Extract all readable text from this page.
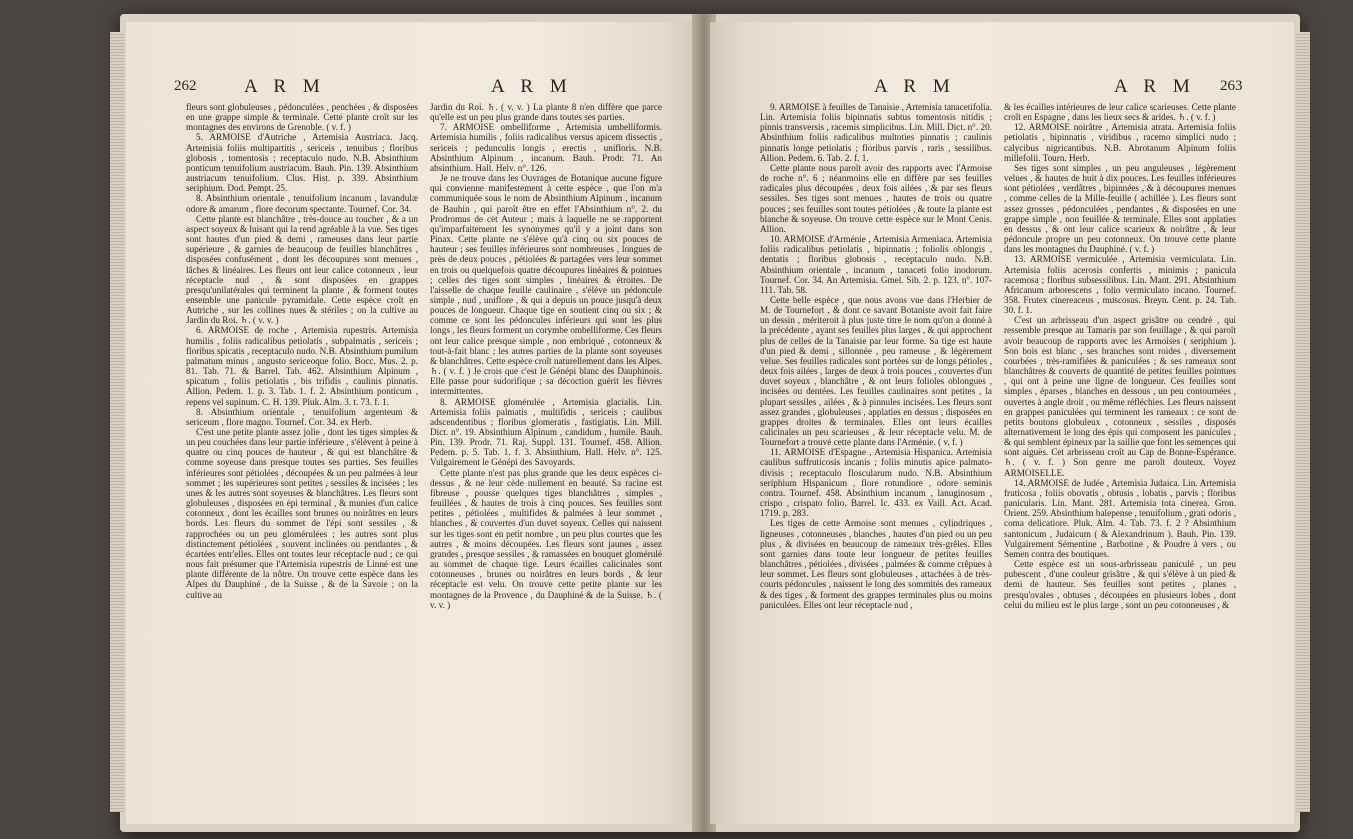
262	A R M	A R M

fleurs sont globuleuses , pédonculées , penchées , & disposées en une grappe simple & terminale. Cette plante croît sur les montagnes des environs de Grenoble. ( v. f. )

5. ARMOISE d'Autriche , Artemisia Austriaca. Jacq. Artemisia foliis multipartitis , sericeis , tenuibus ; floribus globosis , tomentosis ; receptaculo nudo. N.B. Absinthium ponticum tenuifolium austriacum. Bauh. Pin. 139. Absinthium austriacum tenuifolium. Clus. Hist. p. 339. Absinthium seriphium. Dod. Pempt. 25.

8. Absinthium orientale , tenuifolium incanum , lavandulæ odore & amarum , flore decorum spectante. Tournef. Cor. 34.

Cette plante est blanchâtre , très-douce au toucher , & a un aspect soyeux & luisant qui la rend agréable à la vue. Ses tiges sont hautes d'un pied & demi , rameuses dans leur partie supérieure , & garnies de beaucoup de feuilles blanchâtres , disposées confusément , dont les découpures sont menues , lâches & linéaires. Les fleurs ont leur calice cotonneux , leur réceptacle nud , & sont disposées en grappes presqu'unilatérales qui terminent la plante , & forment toutes ensemble une panicule pyramidale. Cette espèce croît en Autriche , sur les collines nues & stériles ; on la cultive au Jardin du Roi. ♄. ( v. v. )

6. ARMOISE de roche , Artemisia rupestris. Artemisia humilis , foliis radicalibus petiolatis , subpalmatis , sericeis ; floribus spicatis , receptaculo nudo. N.B. Absinthium pumilum palmatum minus , angusto sericeoque folio. Bocc. Mus. 2. p. 81. Tab. 71. & Barrel. Tab. 462. Absinthium Alpinum , spicatum , foliis petiolatis , bis trifidis , caulinis pinnatis. Allion. Pedem. 1. p. 3. Tab. 1. f. 2. Absinthium ponticum , repens vel supinum. C. H. 139. Pluk. Alm. 3. t. 73. f. 1.

8. Absinthium orientale , tenuifolium argenteum & sericeum , flore magno. Tournef. Cor. 34. ex Herb.

C'est une petite plante assez jolie , dont les tiges simples & un peu couchées dans leur partie inférieure , s'élèvent à peine à quatre ou cinq pouces de hauteur , & qui est blanchâtre & comme soyeuse dans presque toutes ses parties. Ses feuilles inférieures sont pétiolées , découpées & un peu palmées à leur sommet ; les supérieures sont petites , sessiles & incisées ; les unes & les autres sont soyeuses & blanchâtres. Les fleurs sont globuleuses , disposées en épi terminal , & munies d'un calice cotonneux , dont les écailles sont brunes ou noirâtres en leurs bords. Les fleurs du sommet de l'épi sont sessiles , & rapprochées ou un peu glomérulées ; les autres sont plus distinctement pétiolées , souvent inclinées ou pendantes , & écartées entr'elles. Elles ont toutes leur réceptacle nud ; ce qui nous fait présumer que l'Artemisia rupestris de Linné est une plante différente de la nôtre. On trouve cette espèce dans les Alpes du Dauphiné , de la Suisse , & de la Savoie ; on la cultive au

Jardin du Roi. ♄. ( v. v. ) La plante 8 n'en diffère que parce qu'elle est un peu plus grande dans toutes ses parties.

7. ARMOISE ombelliforme , Artemisia umbelliformis. Artemisia humilis , foliis radicalibus versus apicem dissectis , sericeis ; pedunculis longis , erectis , unifloris. N.B. Absinthium Alpinum , incanum. Bauh. Prodr. 71. An absinthium. Hall. Helv. n°. 126.

Je ne trouve dans les Ouvrages de Botanique aucune figure qui convienne manifestement à cette espèce , que l'on m'a communiquée sous le nom de Absinthium Alpinum , incanum de Bauhin , qui paroît être en effet l'Absinthium n°. 2. du Prodromus de cet Auteur ; mais à laquelle ne se rapportent qu'imparfaitement les synonymes qu'il y a joint dans son Pinax. Cette plante ne s'élève qu'à cinq ou six pouces de hauteur ; ses feuilles inférieures sont nombreuses , longues de près de deux pouces , pétiolées & partagées vers leur sommet en trois ou quelquefois quatre découpures linéaires & pointues ; celles des tiges sont simples , linéaires & étroites. De l'aisselle de chaque feuille caulinaire , s'élève un pédoncule simple , nud , uniflore , & qui a depuis un pouce jusqu'à deux pouces de longueur. Chaque tige en soutient cinq ou six ; & comme ce sont les pédoncules inférieurs qui sont les plus longs , les fleurs forment un corymbe ombelliforme. Ces fleurs ont leur calice presque simple , non embriqué , cotonneux & tout-à-fait blanc ; les autres parties de la plante sont soyeuses & blanchâtres. Cette espèce croît naturellement dans les Alpes. ♄. ( v. f. ) Je crois que c'est le Génépi blanc des Dauphinois. Elle passe pour sudorifique ; sa décoction guérit les fièvres intermittentes.

8. ARMOISE glomérulée , Artemisia glacialis. Lin. Artemisia foliis palmatis , multifidis , sericeis ; caulibus adscendentibus ; floribus glomeratis , fastigiatis. Lin. Mill. Dict. n°. 19. Absinthium Alpinum , candidum , humile. Bauh. Pin. 139. Prodr. 71. Raj. Suppl. 131. Tournef. 458. Allion. Pedem. p. 5. Tab. 1. f. 3. Absinthium. Hall. Helv. n°. 125. Vulgairement le Génépi des Savoyards.

Cette plante n'est pas plus grande que les deux espèces ci-dessus , & ne leur cède nullement en beauté. Sa racine est fibreuse , pousse quelques tiges blanchâtres , simples , feuillées , & hautes de trois à cinq pouces. Ses feuilles sont petites , pétiolées , multifides & palmées à leur sommet , blanches , & couvertes d'un duvet soyeux. Celles qui naissent sur les tiges sont en petit nombre , un peu plus courtes que les autres , & moins découpées. Les fleurs sont jaunes , assez grandes , presque sessiles , & ramassées en bouquet glomérulé au sommet de chaque tige. Leurs écailles calicinales sont cotonneuses , brunes ou noirâtres en leurs bords , & leur réceptacle est velu. On trouve cette petite plante sur les montagnes de la Provence , du Dauphiné & de la Suisse. ♄. ( v. v. )

A R M	A R M 263

9. ARMOISE à feuilles de Tanaisie , Artemisia tanacetifolia. Lin. Artemisia foliis bipinnatis subtus tomentosis nitidis ; pinnis transversis , racemis simplicibus. Lin. Mill. Dict. n°. 20. Absinthium foliis radicalibus multoties pinnatis ; caulinis pinnatis longe petiolatis ; floribus parvis , raris , sessilibus. Allion. Pedem. 6. Tab. 2. f. 1.

Cette plante nous paroît avoir des rapports avec l'Armoise de roche n°. 6 ; néanmoins elle en diffère par ses feuilles radicales plus découpées , deux fois ailées , & par ses fleurs sessiles. Ses tiges sont menues , hautes de trois ou quatre pouces ; ses feuilles sont toutes pétiolées , & toute la plante est blanche & soyeuse. On trouve cette espèce sur le Mont Cenis. Allion.

10. ARMOISE d'Arménie , Artemisia Armeniaca. Artemisia foliis radicalibus petiolatis , bipinnatis ; foliolis oblongis , dentatis ; floribus globosis , receptaculo nudo. N.B. Absinthium orientale , incanum , tanaceti folio inodorum. Tournef. Cor. 34. An Artemisia. Gmel. Sib. 2. p. 123. n°. 107-111. Tab. 58.

Cette belle espèce , que nous avons vue dans l'Herbier de M. de Tournefort , & dont ce savant Botaniste avoit fait faire un dessin , mériteroit à plus juste titre le nom qu'on a donné à la précédente , ayant ses feuilles plus larges , & qui approchent plus de celles de la Tanaisie par leur forme. Sa tige est haute d'un pied & demi , sillonnée , peu rameuse , & légèrement velue. Ses feuilles radicales sont portées sur de longs pétioles , deux fois ailées , larges de deux à trois pouces , couvertes d'un duvet soyeux , blanchâtre , & ont leurs folioles oblongues , incisées ou dentées. Les feuilles caulinaires sont petites , la plupart sessiles , ailées , & à pinnules incisées. Les fleurs sont assez grandes , globuleuses , applaties en dessus , disposées en grappes droites & terminales. Elles ont leurs écailles calicinales un peu scarieuses , & leur réceptacle velu. M. de Tournefort a trouvé cette plante dans l'Arménie. ( v. f. )

11. ARMOISE d'Espagne , Artemisia Hispanica. Artemisia caulibus suffruticosis incanis ; foliis minutis apice palmato-divisis ; receptaculo floscularum nudo. N.B. Absinthium seriphium Hispanicum , flore rotundiore , odore seminis contra. Tournef. 458. Absinthium incanum , lanuginosum , crispo , crispato folio. Barrel. Ic. 433. ex Vaill. Act. Acad. 1719. p. 283.

Les tiges de cette Armoise sont menues , cylindriques , ligneuses , cotonneuses , blanches , hautes d'un pied ou un peu plus , & divisées en beaucoup de rameaux très-grêles. Elles sont garnies dans toute leur longueur de petites feuilles blanchâtres , pétiolées , divisées , palmées & comme crêpues à leur sommet. Les fleurs sont globuleuses , attachées à de très-courts pédoncules , naissent le long des sommités des rameaux & des tiges , & forment des grappes terminales plus ou moins paniculées. Elles ont leur réceptacle nud ,

& les écailles intérieures de leur calice scarieuses. Cette plante croît en Espagne , dans les lieux secs & arides. ♄. ( v. f. )

12. ARMOISE noirâtre , Artemisia atrata. Artemisia foliis petiolatis , bipinnatis , viridibus , racemo simplici nudo ; calycibus nigricantibus. N.B. Abrotanum Alpinum foliis millefolii. Tourn. Herb.

Ses tiges sont simples , un peu anguleuses , légèrement velues , & hautes de huit à dix pouces. Les feuilles inférieures sont pétiolées , verdâtres , bipinnées , & à découpures menues , comme celles de la Mille-feuille ( achillée ). Les fleurs sont assez grosses , pédonculées , pendantes , & disposées en une grappe simple , non feuillée & terminale. Elles sont applaties en dessus , & ont leur calice scarieux & noirâtre , & leur pédoncule propre un peu cotonneux. On trouve cette plante dans les montagnes du Dauphiné. ( v. f. )

13. ARMOISE vermiculée , Artemisia vermiculata. Lin. Artemisia foliis acerosis confertis , minimis ; panicula racemosa ; floribus subsessilibus. Lin. Mant. 291. Absinthium Africanum arborescens , folio vermiculato incano. Tournef. 358. Frutex cinereaceus , muscosus. Breyn. Cent. p. 24. Tab. 30. f. 1.

C'est un arbrisseau d'un aspect grisâtre ou cendré , qui ressemble presque au Tamaris par son feuillage , & qui paroît avoir beaucoup de rapports avec les Armoises ( seriphium ). Son bois est blanc , ses branches sont roides , diversement courbées , très-ramifiées & paniculées ; & ses rameaux sont blanchâtres & couverts de quantité de petites feuilles pointues , qui ont à peine une ligne de longueur. Ces feuilles sont simples , éparses , blanches en dessous , un peu contournées , ouvertes à angle droit , ou même réfléchies. Les fleurs naissent en grappes paniculées qui terminent les rameaux : ce sont de petits boutons globuleux , cotonneux , sessiles , disposés alternativement le long des épis qui composent les panicules , & qui semblent épineux par la saillie que font les semences qui sont aiguës. Cet arbrisseau croît au Cap de Bonne-Espérance. ♄. ( v. f. ) Son genre me paroît douteux. Voyez ARMOISELLE.

14. ARMOISE de Judée , Artemisia Judaica. Lin. Artemisia fruticosa , foliis obovatis , obtusis , lobatis , parvis ; floribus panicularis. Lin. Mant. 281. Artemisia tota cinerea. Gron. Orient. 259. Absinthium balepense , tenuifolium , grati odoris , coma delicatiore. Pluk. Alm. 4. Tab. 73. f. 2 ? Absinthium santonicum , Judaicum ( & Alexandrinum ). Bauh. Pin. 139. Vulgairement Sémentine , Barbotine , & Poudre à vers , ou Semen contra des boutiques.

Cette espèce est un sous-arbrisseau paniculé , un peu pubescent , d'une couleur grisâtre , & qui s'élève à un pied & demi de hauteur. Ses feuilles sont petites , planes , presqu'ovales , obtuses , découpées en plusieurs lobes , dont celui du milieu est le plus large , sont un peu cotonneuses , &
